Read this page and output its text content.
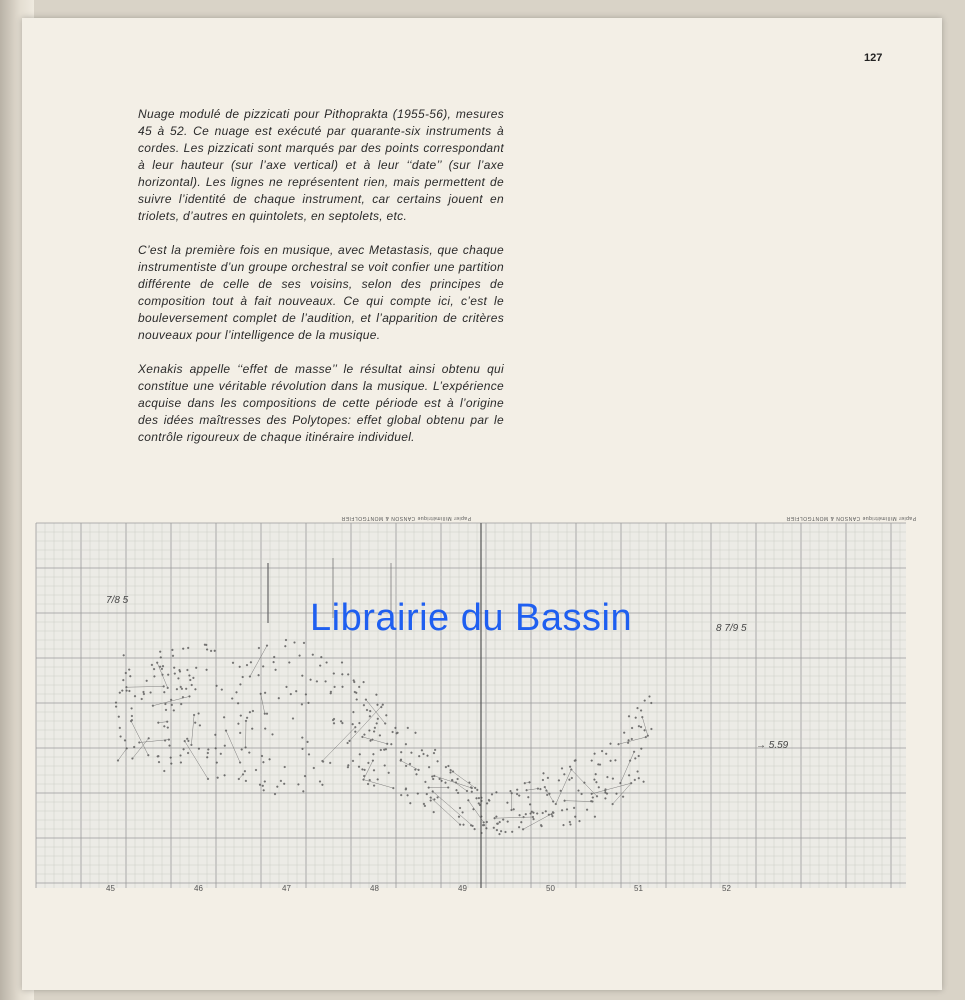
127

Nuage modulé de pizzicati pour Pithoprakta (1955-56), mesures 45 à 52. Ce nuage est exécuté par quarante-six instruments à cordes. Les pizzicati sont marqués par des points correspondant à leur hauteur (sur l’axe vertical) et à leur ‘‘date’’ (sur l’axe horizontal). Les lignes ne représentent rien, mais permettent de suivre l’identité de chaque instrument, car certains jouent en triolets, d’autres en quintolets, en septolets, etc.

C’est la première fois en musique, avec Metastasis, que chaque instrumentiste d’un groupe orchestral se voit confier une partition différente de celle de ses voisins, selon des principes de composition tout à fait nouveaux. Ce qui compte ici, c’est le bouleversement complet de l’audition, et l’apparition de critères nouveaux pour l’intelligence de la musique.

Xenakis appelle ‘‘effet de masse’’ le résultat ainsi obtenu qui constitue une véritable révolution dans la musique. L’expérience acquise dans les compositions de cette période est à l’origine des idées maîtresses des Polytopes: effet global obtenu par le contrôle rigoureux de chaque itinéraire individuel.

Papier Millimétrique CANSON & MONTGOLFIER	Papier Millimétrique CANSON & MONTGOLFIER
45	46	47	48	49	50	51	52
7/8 5
8 7/9 5
→ 5.59
Librairie du Bassin
